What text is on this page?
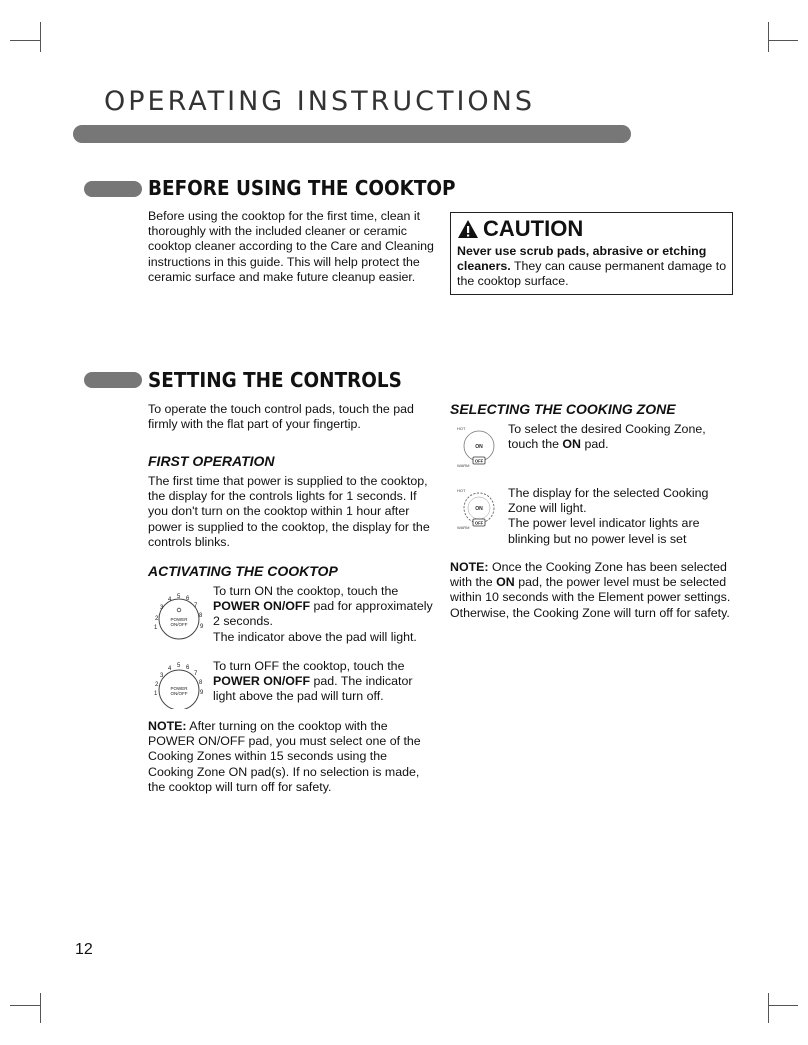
OPERATING INSTRUCTIONS
BEFORE USING THE COOKTOP
Before using the cooktop for the first time, clean it thoroughly with the included cleaner or ceramic cooktop cleaner according to the Care and Cleaning instructions in this guide. This will help protect the ceramic surface and make future cleanup easier.
CAUTION
Never use scrub pads, abrasive or etching cleaners. They can cause permanent damage to the cooktop surface.
SETTING THE CONTROLS
To operate the touch control pads, touch the pad firmly with the flat part of your fingertip.
FIRST OPERATION
The first time that power is supplied to the cooktop, the display for the controls lights for 1 seconds. If you don't turn on the cooktop within 1 hour after power is supplied to the cooktop, the display for the controls blinks.
ACTIVATING THE COOKTOP
POWER
ON/OFF
1
2
3
4 5 6
7
8
9
To turn ON the cooktop, touch the
POWER ON/OFF pad for approximately 2 seconds.
The indicator above the pad will light.
POWER
ON/OFF
1
2
3
4 5 6
7
8
9
To turn OFF the cooktop, touch the
POWER ON/OFF pad. The indicator light above the pad will turn off.
NOTE: After turning on the cooktop with the POWER ON/OFF pad, you must select one of the Cooking Zones within 15 seconds using the Cooking Zone ON pad(s). If no selection is made, the cooktop will turn off for safety.
SELECTING THE COOKING ZONE
HOT
ON
WARM
OFF
To select the desired Cooking Zone, touch the ON pad.
HOT
ON
WARM
OFF
The display for the selected Cooking Zone will light.
The power level indicator lights are blinking but no power level is set
NOTE: Once the Cooking Zone has been selected with the ON pad, the power level must be selected within 10 seconds with the Element power settings. Otherwise, the Cooking Zone will turn off for safety.
12
